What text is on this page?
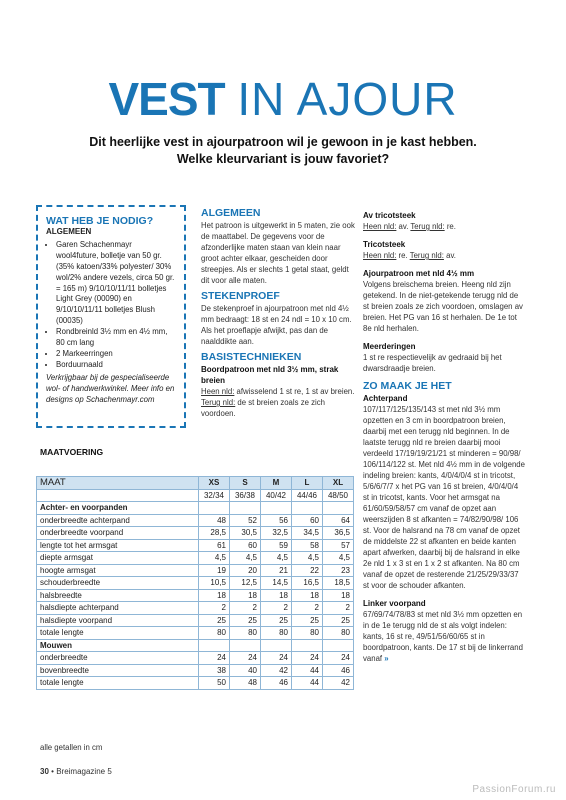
VEST IN AJOUR
Dit heerlijke vest in ajourpatroon wil je gewoon in je kast hebben.
Welke kleurvariant is jouw favoriet?
WAT HEB JE NODIG?
ALGEMEEN
• Garen Schachenmayr wool4future, bolletje van 50 gr. (35% katoen/33% polyester/ 30% wol/2% andere vezels, circa 50 gr. = 165 m) 9/10/10/11/11 bolletjes Light Grey (00090) en 9/10/10/11/11 bolletjes Blush (00035)
• Rondbreinld 3½ mm en 4½ mm, 80 cm lang
• 2 Markeerringen
• Borduurnaald
Verkrijgbaar bij de gespecialiseerde wol- of handwerkwinkel. Meer info en designs op Schachenmayr.com
ALGEMEEN
Het patroon is uitgewerkt in 5 maten, zie ook de maattabel. De gegevens voor de afzonderlijke maten staan van klein naar groot achter elkaar, gescheiden door streepjes. Als er slechts 1 getal staat, geldt dit voor alle maten.
STEKENPROEF
De stekenproef in ajourpatroon met nld 4½ mm bedraagt: 18 st en 24 ndl = 10 x 10 cm. Als het proeflapje afwijkt, pas dan de naalddikte aan.
BASISTECHNIEKEN
Boordpatroon met nld 3½ mm, strak breien
Heen nld: afwisselend 1 st re, 1 st av breien. Terug nld: de st breien zoals ze zich voordoen.
Av tricotsteek
Heen nld: av. Terug nld: re.
Tricotsteek
Heen nld: re. Terug nld: av.
Ajourpatroon met nld 4½ mm
Volgens breischema breien. Heeng nld zijn getekend. In de niet-getekende terugg nld de st breien zoals ze zich voordoen, omslagen av breien. Het PG van 16 st herhalen. De 1e tot 8e nld herhalen.
Meerderingen
1 st re respectievelijk av gedraaid bij het dwarsdraadje breien.
ZO MAAK JE HET
Achterpand
107/117/125/135/143 st met nld 3½ mm opzetten en 3 cm in boordpatroon breien, daarbij met een terugg nld beginnen. In de laatste terugg nld re breien daarbij mooi verdeeld 17/19/19/21/21 st minderen = 90/98/ 106/114/122 st. Met nld 4½ mm in de volgende indeling breien: kants, 4/0/4/0/4 st in tricotst, 5/6/6/7/7 x het PG van 16 st breien, 4/0/4/0/4 st in tricotst, kants. Voor het armsgat na 61/60/59/58/57 cm vanaf de opzet aan weerszijden 8 st afkanten = 74/82/90/98/ 106 st. Voor de halsrand na 78 cm vanaf de opzet de middelste 22 st afkanten en beide kanten apart afwerken, daarbij bij de halsrand in elke 2e nld 1 x 3 st en 1 x 2 st afkanten. Na 80 cm vanaf de opzet de resterende 21/25/29/33/37 st voor de schouder afkanten.
Linker voorpand
67/69/74/78/83 st met nld 3½ mm opzetten en in de 1e terugg nld de st als volgt indelen: kants, 16 st re, 49/51/56/60/65 st in boordpatroon, kants. De 17 st bij de linkerrand vanaf »
MAATVOERING
MAAT	XS	S	M	L	XL
	32/34	36/38	40/42	44/46	48/50
Achter- en voorpanden					
onderbreedte achterpand	48	52	56	60	64
onderbreedte voorpand	28,5	30,5	32,5	34,5	36,5
lengte tot het armsgat	61	60	59	58	57
diepte armsgat	4,5	4,5	4,5	4,5	4,5
hoogte armsgat	19	20	21	22	23
schouderbreedte	10,5	12,5	14,5	16,5	18,5
halsbreedte	18	18	18	18	18
halsdiepte achterpand	2	2	2	2	2
halsdiepte voorpand	25	25	25	25	25
totale lengte	80	80	80	80	80
Mouwen					
onderbreedte	24	24	24	24	24
bovenbreedte	38	40	42	44	46
totale lengte	50	48	46	44	42
alle getallen in cm
30 • Breimagazine 5
PassionForum.ru
